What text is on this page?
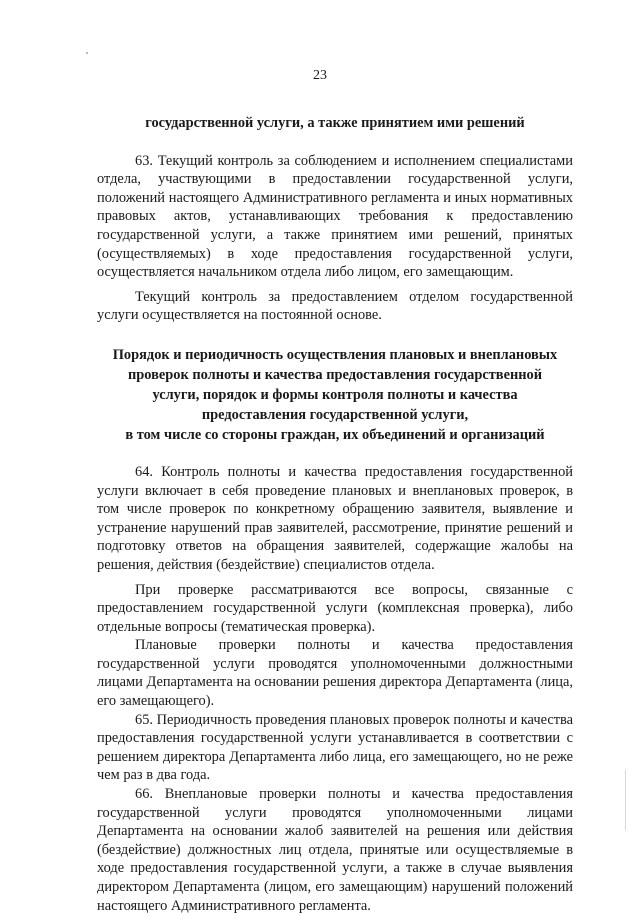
23

государственной услуги, а также принятием ими решений

63. Текущий контроль за соблюдением и исполнением специалистами отдела, участвующими в предоставлении государственной услуги, положений настоящего Административного регламента и иных нормативных правовых актов, устанавливающих требования к предоставлению государственной услуги, а также принятием ими решений, принятых (осуществляемых) в ходе предоставления государственной услуги, осуществляется начальником отдела либо лицом, его замещающим.

Текущий контроль за предоставлением отделом государственной услуги осуществляется на постоянной основе.

Порядок и периодичность осуществления плановых и внеплановых
проверок полноты и качества предоставления государственной
услуги, порядок и формы контроля полноты и качества
предоставления государственной услуги,
в том числе со стороны граждан, их объединений и организаций

64. Контроль полноты и качества предоставления государственной услуги включает в себя проведение плановых и внеплановых проверок, в том числе проверок по конкретному обращению заявителя, выявление и устранение нарушений прав заявителей, рассмотрение, принятие решений и подготовку ответов на обращения заявителей, содержащие жалобы на решения, действия (бездействие) специалистов отдела.

При проверке рассматриваются все вопросы, связанные с предоставлением государственной услуги (комплексная проверка), либо отдельные вопросы (тематическая проверка).

Плановые проверки полноты и качества предоставления государственной услуги проводятся уполномоченными должностными лицами Департамента на основании решения директора Департамента (лица, его замещающего).

65. Периодичность проведения плановых проверок полноты и качества предоставления государственной услуги устанавливается в соответствии с решением директора Департамента либо лица, его замещающего, но не реже чем раз в два года.

66. Внеплановые проверки полноты и качества предоставления государственной услуги проводятся уполномоченными лицами Департамента на основании жалоб заявителей на решения или действия (бездействие) должностных лиц отдела, принятые или осуществляемые в ходе предоставления государственной услуги, а также в случае выявления директором Департамента (лицом, его замещающим) нарушений положений настоящего Административного регламента.
